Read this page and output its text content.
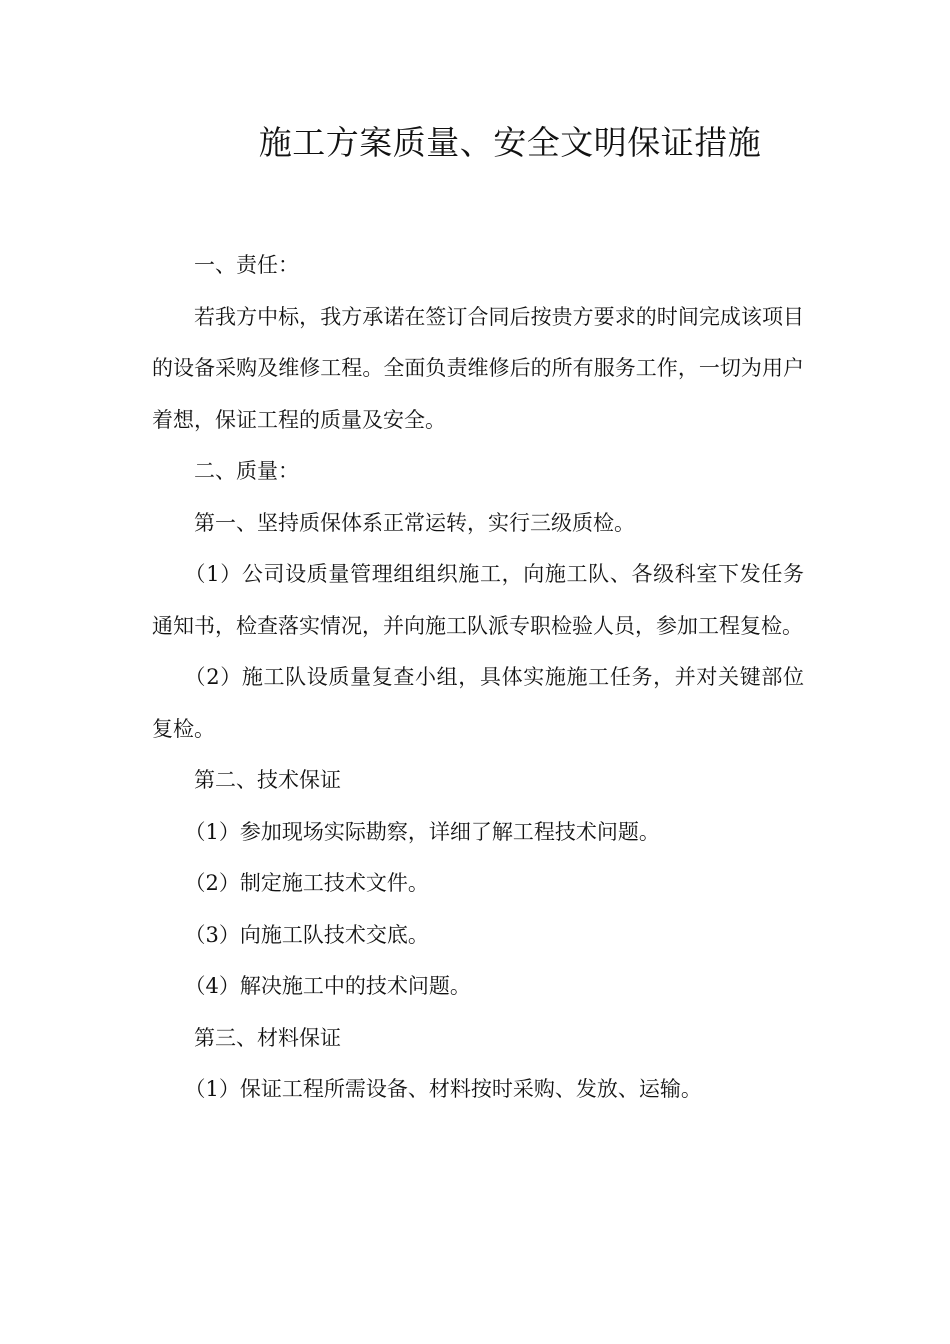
施工方案质量、安全文明保证措施

一、责任：

若我方中标，我方承诺在签订合同后按贵方要求的时间完成该项目的设备采购及维修工程。全面负责维修后的所有服务工作，一切为用户着想，保证工程的质量及安全。

二、质量：

第一、坚持质保体系正常运转，实行三级质检。

（1）公司设质量管理组组织施工，向施工队、各级科室下发任务通知书，检查落实情况，并向施工队派专职检验人员，参加工程复检。

（2）施工队设质量复查小组，具体实施施工任务，并对关键部位复检。

第二、技术保证

（1）参加现场实际勘察，详细了解工程技术问题。

（2）制定施工技术文件。

（3）向施工队技术交底。

（4）解决施工中的技术问题。

第三、材料保证

（1）保证工程所需设备、材料按时采购、发放、运输。
